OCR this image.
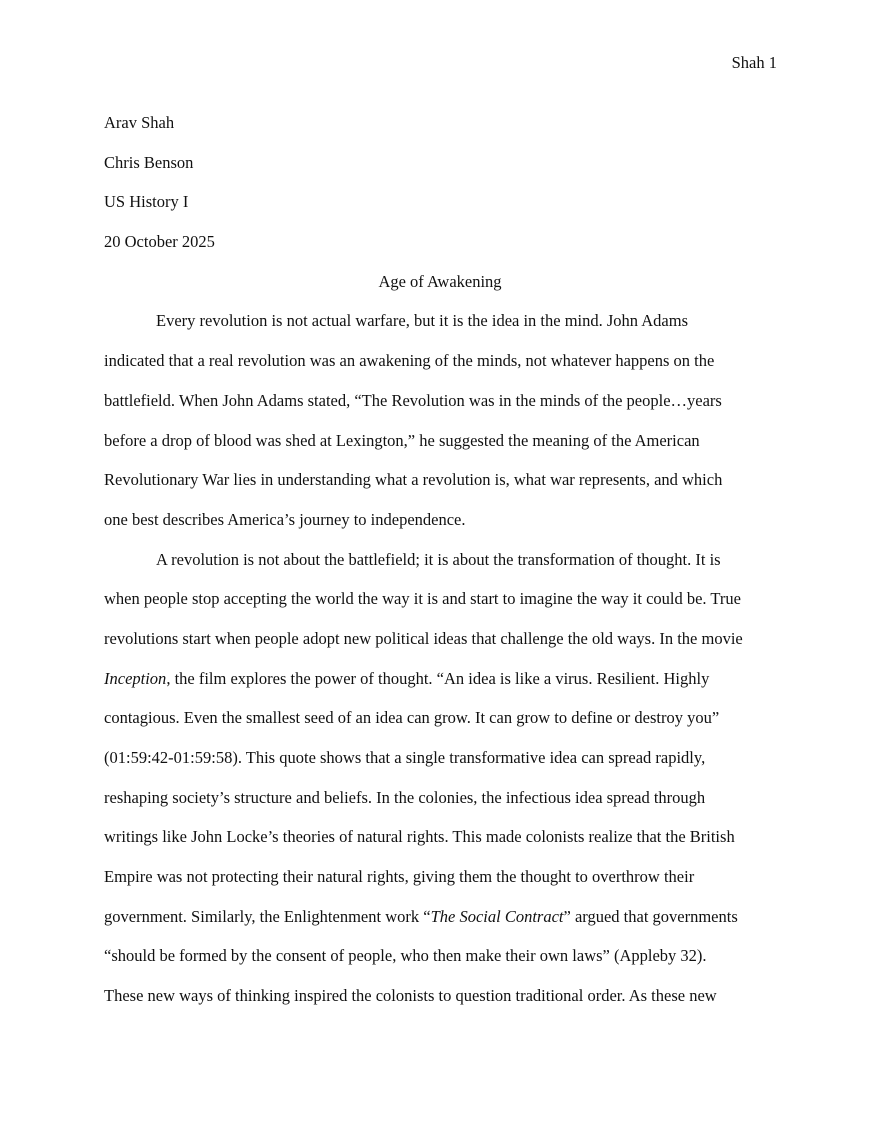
Shah 1
Arav Shah
Chris Benson
US History I
20 October 2025
Age of Awakening
Every revolution is not actual warfare, but it is the idea in the mind. John Adams
indicated that a real revolution was an awakening of the minds, not whatever happens on the
battlefield. When John Adams stated, “The Revolution was in the minds of the people…years
before a drop of blood was shed at Lexington,” he suggested the meaning of the American
Revolutionary War lies in understanding what a revolution is, what war represents, and which
one best describes America’s journey to independence.
A revolution is not about the battlefield; it is about the transformation of thought. It is
when people stop accepting the world the way it is and start to imagine the way it could be. True
revolutions start when people adopt new political ideas that challenge the old ways. In the movie
Inception, the film explores the power of thought. “An idea is like a virus. Resilient. Highly
contagious. Even the smallest seed of an idea can grow. It can grow to define or destroy you”
(01:59:42-01:59:58). This quote shows that a single transformative idea can spread rapidly,
reshaping society’s structure and beliefs. In the colonies, the infectious idea spread through
writings like John Locke’s theories of natural rights. This made colonists realize that the British
Empire was not protecting their natural rights, giving them the thought to overthrow their
government. Similarly, the Enlightenment work “The Social Contract” argued that governments
“should be formed by the consent of people, who then make their own laws” (Appleby 32).
These new ways of thinking inspired the colonists to question traditional order. As these new
